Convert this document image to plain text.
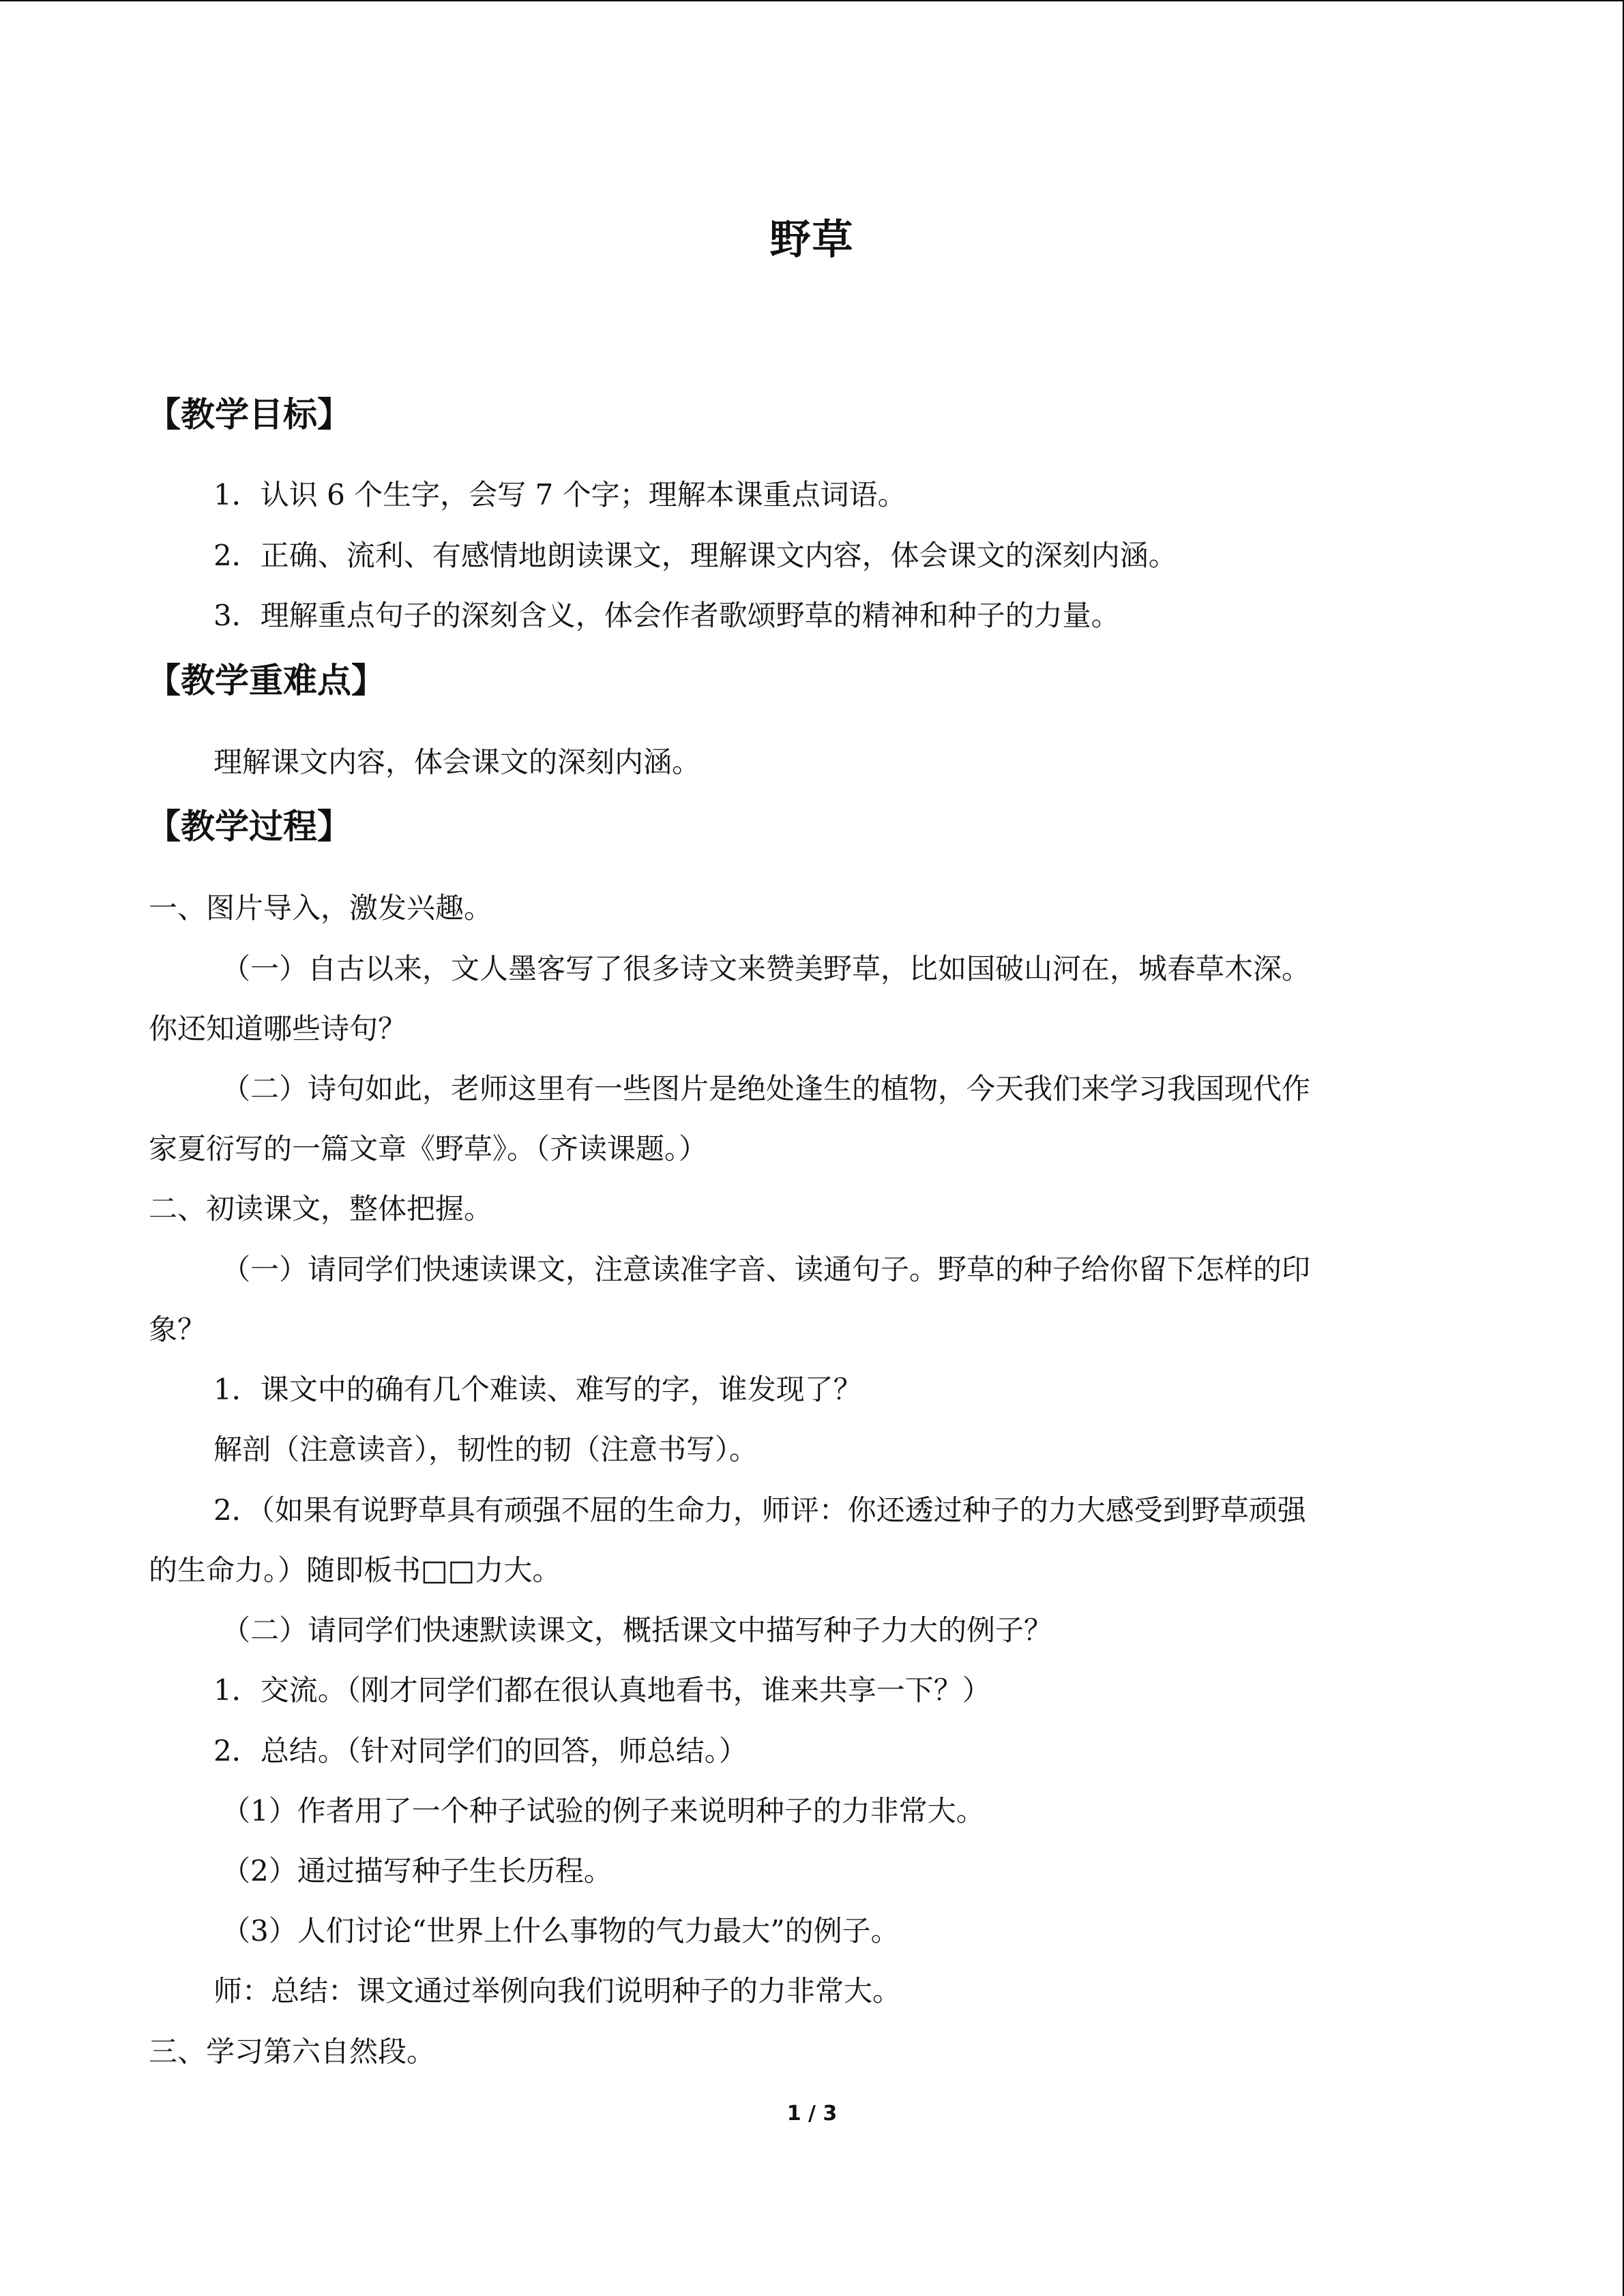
野草
【教学目标】
1．认识 6 个生字，会写 7 个字；理解本课重点词语。
2．正确、流利、有感情地朗读课文，理解课文内容，体会课文的深刻内涵。
3．理解重点句子的深刻含义，体会作者歌颂野草的精神和种子的力量。
【教学重难点】
理解课文内容，体会课文的深刻内涵。
【教学过程】
一、图片导入，激发兴趣。
（一）自古以来，文人墨客写了很多诗文来赞美野草，比如国破山河在，城春草木深。
你还知道哪些诗句？
（二）诗句如此，老师这里有一些图片是绝处逢生的植物，今天我们来学习我国现代作
家夏衍写的一篇文章《野草》。（齐读课题。）
二、初读课文，整体把握。
（一）请同学们快速读课文，注意读准字音、读通句子。野草的种子给你留下怎样的印
象？
1．课文中的确有几个难读、难写的字，谁发现了？
解剖（注意读音），韧性的韧（注意书写）。
2．（如果有说野草具有顽强不屈的生命力，师评：你还透过种子的力大感受到野草顽强
的生命力。）随即板书□□力大。
（二）请同学们快速默读课文，概括课文中描写种子力大的例子？
1．交流。（刚才同学们都在很认真地看书，谁来共享一下？）
2．总结。（针对同学们的回答，师总结。）
（1）作者用了一个种子试验的例子来说明种子的力非常大。
（2）通过描写种子生长历程。
（3）人们讨论“世界上什么事物的气力最大”的例子。
师：总结：课文通过举例向我们说明种子的力非常大。
三、学习第六自然段。
1 / 3
